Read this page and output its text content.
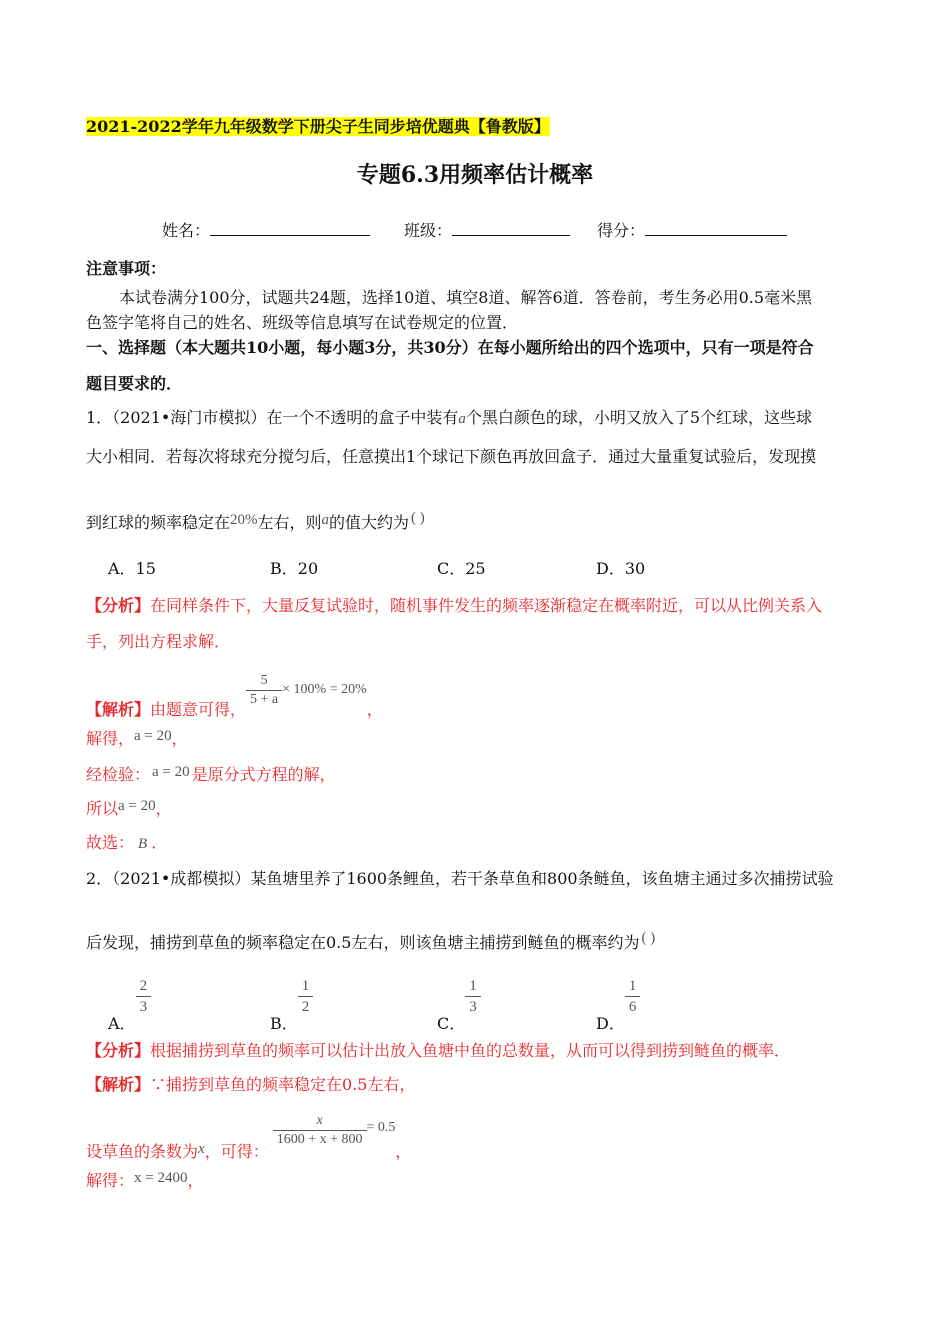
2021-2022学年九年级数学下册尖子生同步培优题典【鲁教版】
专题6.3用频率估计概率
姓名：	班级：	得分：
注意事项：
本试卷满分100分，试题共24题，选择10道、填空8道、解答6道．答卷前，考生务必用0.5毫米黑
色签字笔将自己的姓名、班级等信息填写在试卷规定的位置．
一、选择题（本大题共10小题，每小题3分，共30分）在每小题所给出的四个选项中，只有一项是符合
题目要求的．
1．（2021•海门市模拟）在一个不透明的盒子中装有a个黑白颜色的球，小明又放入了5个红球，这些球
大小相同．若每次将球充分搅匀后，任意摸出1个球记下颜色再放回盒子．通过大量重复试验后，发现摸
到红球的频率稳定在20%左右，则a的值大约为 ( )
A．15	B．20	C．25	D．30
【分析】在同样条件下，大量反复试验时，随机事件发生的频率逐渐稳定在概率附近，可以从比例关系入
手，列出方程求解．
【解析】由题意可得，
$\frac{5}{5 + a} \times 100\% = 20\%$，
解得，a = 20，
经检验： a = 20 是原分式方程的解，
所以a = 20，
故选： B ．
2．（2021•成都模拟）某鱼塘里养了1600条鲤鱼，若干条草鱼和800条鲢鱼，该鱼塘主通过多次捕捞试验
后发现，捕捞到草鱼的频率稳定在0.5左右，则该鱼塘主捕捞到鲢鱼的概率约为 ( )
A．
$\frac{2}{3}$
B．
$\frac{1}{2}$
C．
$\frac{1}{3}$
D．
$\frac{1}{6}$
【分析】根据捕捞到草鱼的频率可以估计出放入鱼塘中鱼的总数量，从而可以得到捞到鲢鱼的概率．
【解析】∵捕捞到草鱼的频率稳定在0.5左右，
设草鱼的条数为x，可得：
$\frac{x}{1600 + x + 800} = 0.5$，
解得：x = 2400，
